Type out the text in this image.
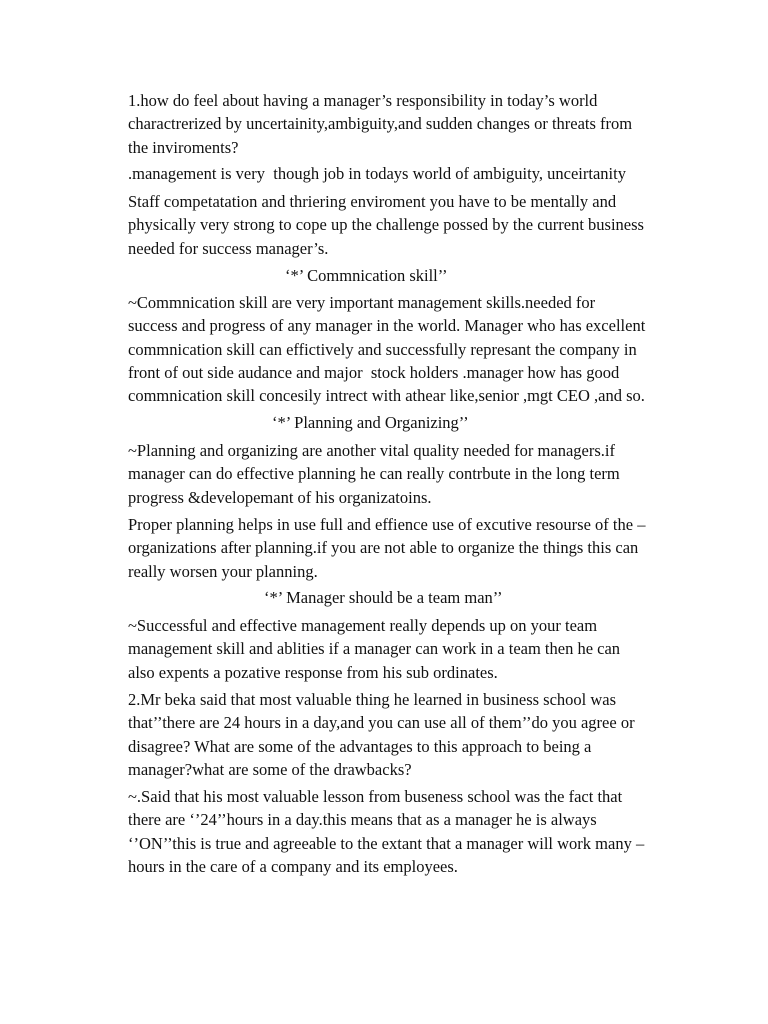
1.how do feel about having a manager’s responsibility in today’s world
charactrerized by uncertainity,ambiguity,and sudden changes or threats from
the inviroments?

.management is very  though job in todays world of ambiguity, unceirtanity

Staff competatation and thriering enviroment you have to be mentally and
physically very strong to cope up the challenge possed by the current business
needed for success manager’s.

‘*’ Commnication skill’’

~Commnication skill are very important management skills.needed for
success and progress of any manager in the world. Manager who has excellent
commnication skill can effictively and successfully represant the company in
front of out side audance and major  stock holders .manager how has good
commnication skill concesily intrect with athear like,senior ,mgt CEO ,and so.

‘*’ Planning and Organizing’’

~Planning and organizing are another vital quality needed for managers.if
manager can do effective planning he can really contrbute in the long term
progress &developemant of his organizatoins.

Proper planning helps in use full and effience use of excutive resourse of the –
organizations after planning.if you are not able to organize the things this can
really worsen your planning.

‘*’ Manager should be a team man’’

~Successful and effective management really depends up on your team
management skill and ablities if a manager can work in a team then he can
also expents a pozative response from his sub ordinates.

2.Mr beka said that most valuable thing he learned in business school was
that’’there are 24 hours in a day,and you can use all of them’’do you agree or
disagree? What are some of the advantages to this approach to being a
manager?what are some of the drawbacks?

~.Said that his most valuable lesson from buseness school was the fact that
there are ‘’24’’hours in a day.this means that as a manager he is always
‘’ON’’this is true and agreeable to the extant that a manager will work many –
hours in the care of a company and its employees.
